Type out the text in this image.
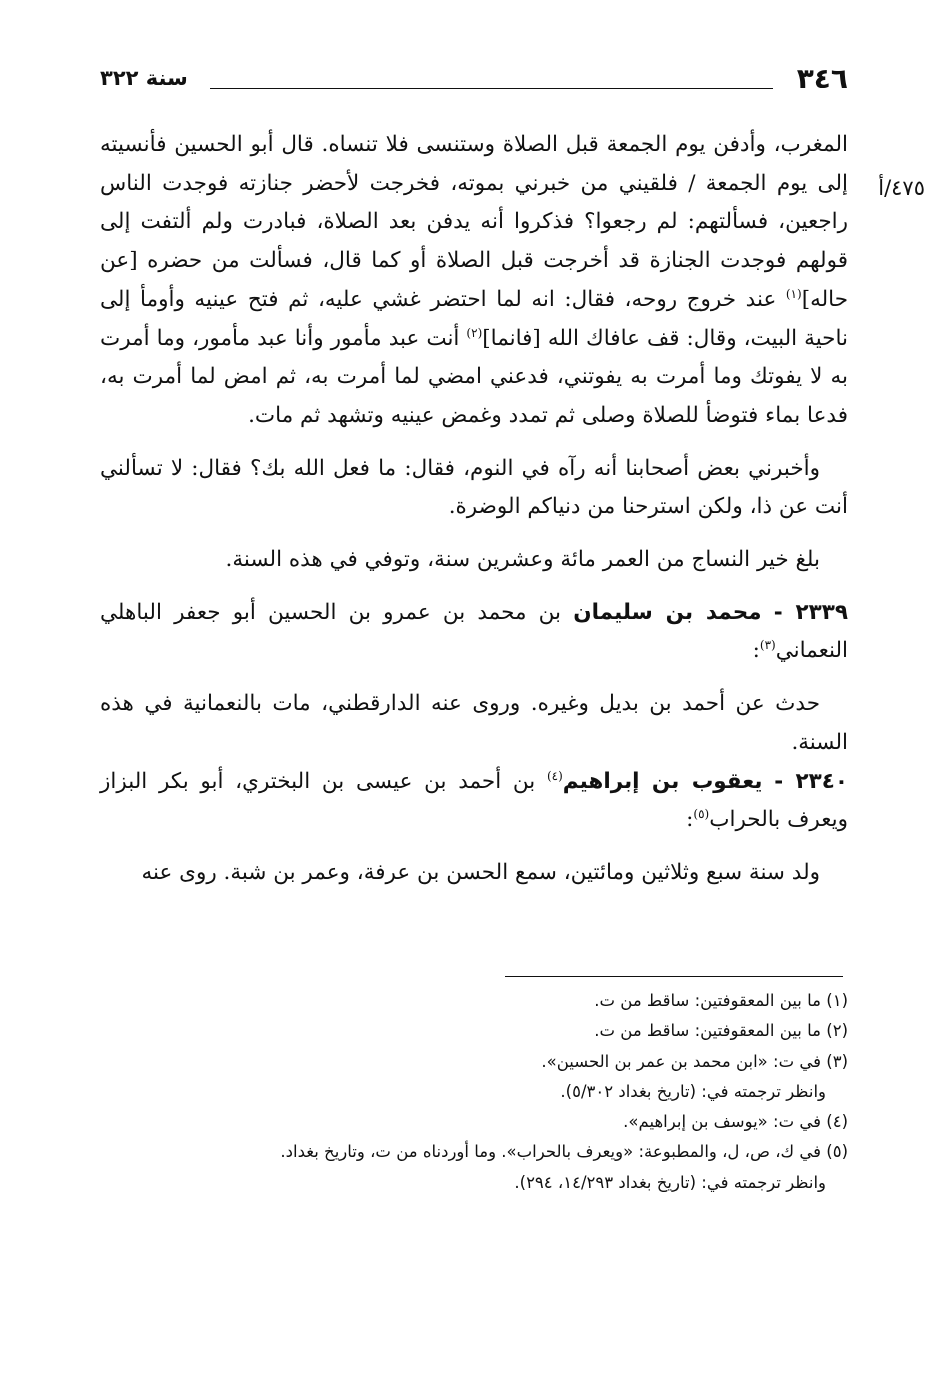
٣٤٦
سنة ٣٢٢
٤٧٥/أ

المغرب، وأدفن يوم الجمعة قبل الصلاة وستنسى فلا تنساه. قال أبو الحسين فأنسيته إلى يوم الجمعة / فلقيني من خبرني بموته، فخرجت لأحضر جنازته فوجدت الناس راجعين، فسألتهم: لم رجعوا؟ فذكروا أنه يدفن بعد الصلاة، فبادرت ولم ألتفت إلى قولهم فوجدت الجنازة قد أخرجت قبل الصلاة أو كما قال، فسألت من حضره [عن حاله]$^{(١)}$ عند خروج روحه، فقال: انه لما احتضر غشي عليه، ثم فتح عينيه وأومأ إلى ناحية البيت، وقال: قف عافاك الله [فانما]$^{(٢)}$ أنت عبد مأمور وأنا عبد مأمور، وما أمرت به لا يفوتك وما أمرت به يفوتني، فدعني امضي لما أمرت به، ثم امض لما أمرت به، فدعا بماء فتوضأ للصلاة وصلى ثم تمدد وغمض عينيه وتشهد ثم مات.

وأخبرني بعض أصحابنا أنه رآه في النوم، فقال: ما فعل الله بك؟ فقال: لا تسألني أنت عن ذا، ولكن استرحنا من دنياكم الوضرة.

بلغ خير النساج من العمر مائة وعشرين سنة، وتوفي في هذه السنة.

٢٣٣٩ - محمد بن سليمان بن محمد بن عمرو بن الحسين أبو جعفر الباهلي النعماني$^{(٣)}$:

حدث عن أحمد بن بديل وغيره. وروى عنه الدارقطني، مات بالنعمانية في هذه السنة.

٢٣٤٠ - يعقوب بن إبراهيم$^{(٤)}$ بن أحمد بن عيسى بن البختري، أبو بكر البزاز ويعرف بالحراب$^{(٥)}$:

ولد سنة سبع وثلاثين ومائتين، سمع الحسن بن عرفة، وعمر بن شبة. روى عنه

(١) ما بين المعقوفتين: ساقط من ت.

(٢) ما بين المعقوفتين: ساقط من ت.

(٣) في ت: «ابن محمد بن عمر بن الحسين».

وانظر ترجمته في: (تاريخ بغداد ٥/٣٠٢).

(٤) في ت: «يوسف بن إبراهيم».

(٥) في ك، ص، ل، والمطبوعة: «ويعرف بالحراب». وما أوردناه من ت، وتاريخ بغداد.

وانظر ترجمته في: (تاريخ بغداد ١٤/٢٩٣، ٢٩٤).
